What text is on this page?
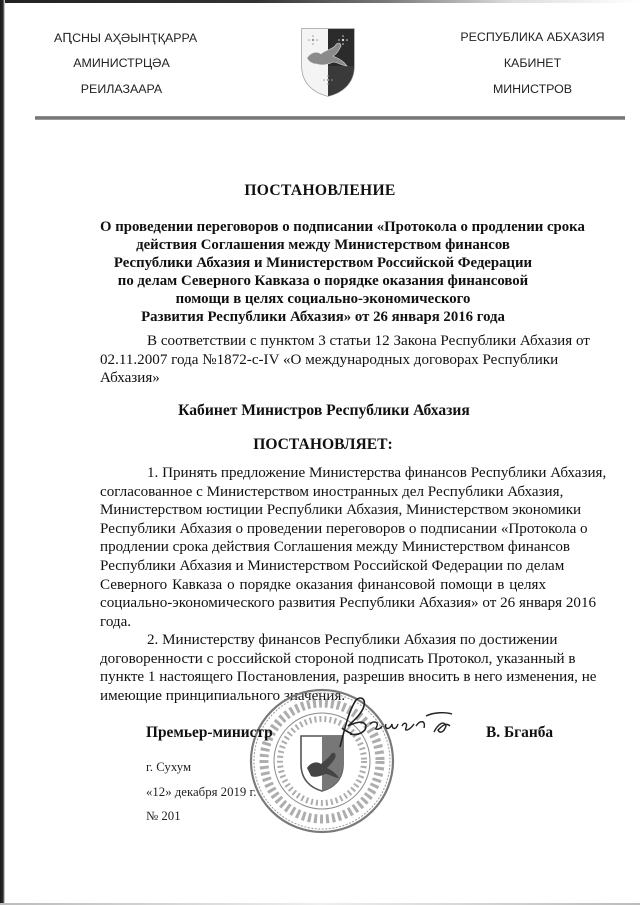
АԤСНЫ АҲӘЫНҬҚАРРА
АМИНИСТРЦӘА
РЕИЛАЗААРА
РЕСПУБЛИКА АБХАЗИЯ
КАБИНЕТ
МИНИСТРОВ
ПОСТАНОВЛЕНИЕ
О проведении переговоров о подписании «Протокола о продлении срока
действия Соглашения между Министерством финансов
Республики Абхазия и Министерством Российской Федерации
по делам Северного Кавказа о порядке оказания финансовой
помощи в целях социально-экономического
Развития Республики Абхазия» от 26 января 2016 года
В соответствии с пунктом 3 статьи 12 Закона Республики Абхазия от
02.11.2007 года №1872-с-IV «О международных договорах Республики
Абхазия»
Кабинет Министров Республики Абхазия
ПОСТАНОВЛЯЕТ:
1. Принять предложение Министерства финансов Республики Абхазия,
согласованное с Министерством иностранных дел Республики Абхазия,
Министерством юстиции Республики Абхазия, Министерством экономики
Республики Абхазия о проведении переговоров о подписании «Протокола о
продлении срока действия Соглашения между Министерством финансов
Республики Абхазия и Министерством Российской Федерации по делам
Северного Кавказа о порядке оказания финансовой помощи в целях
социально-экономического развития Республики Абхазия» от 26 января 2016
года.
2. Министерству финансов Республики Абхазия по достижении
договоренности с российской стороной подписать Протокол, указанный в
пункте 1 настоящего Постановления, разрешив вносить в него изменения, не
имеющие принципиального значения.
Премьер-министр	В. Бганба
г. Сухум
«12» декабря 2019 г.
№ 201
